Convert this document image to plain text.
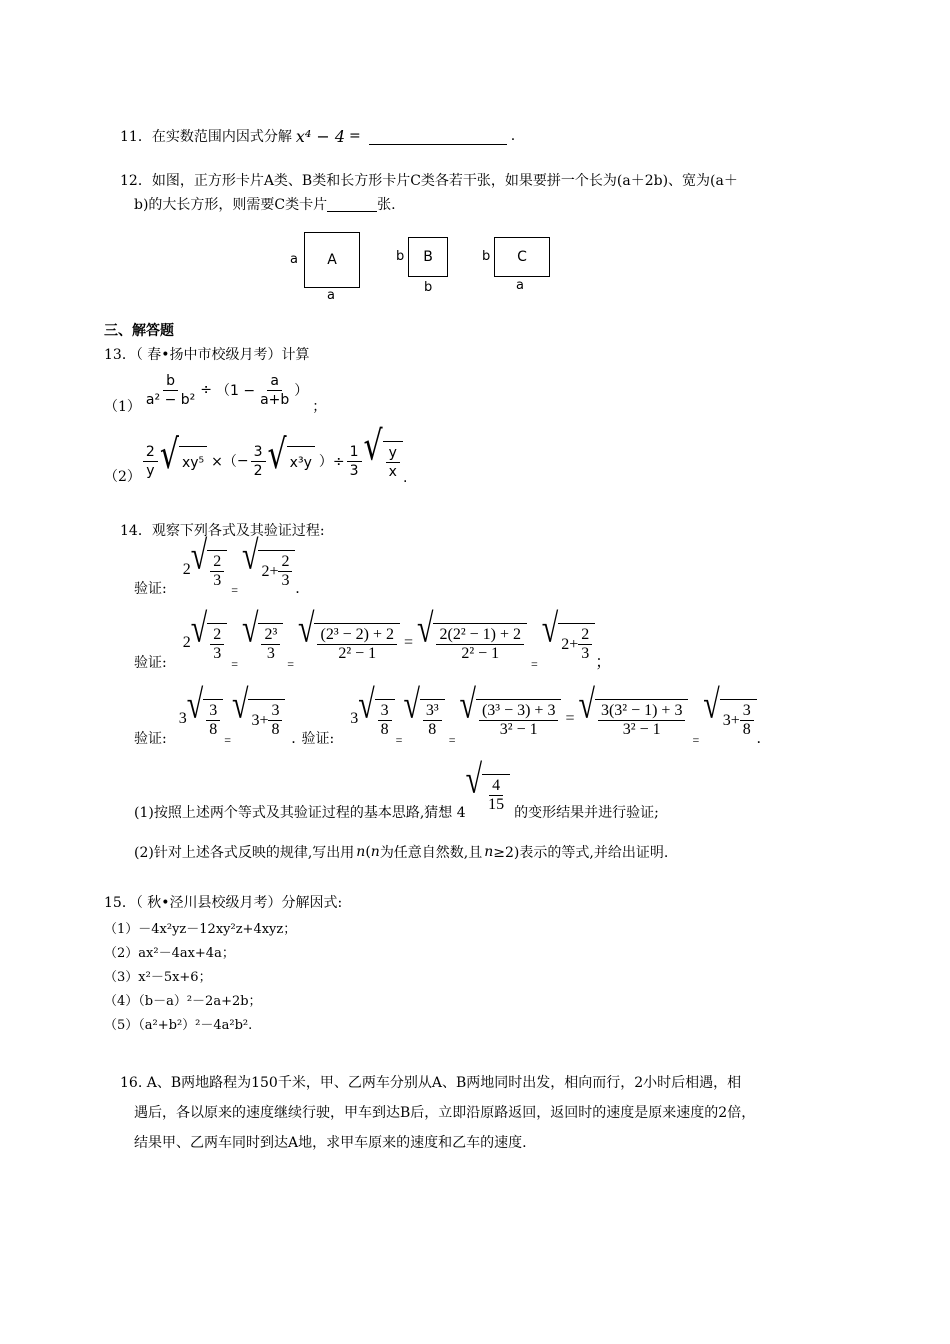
11．在实数范围内因式分解 x⁴ − 4 =	.
12．如图，正方形卡片A类、B类和长方形卡片C类各若干张，如果要拼一个长为(a＋2b)、宽为(a＋
b)的大长方形，则需要C类卡片	张.
A
a
a
B
b
b
C
b
a
三、解答题
13．（ 春•扬中市校级月考）计算
$(1) \frac{b}{\text{a² − b²}} \div (1 - \frac{a}{a+b}$ ）
；
$(2) \frac{2}{y}$ √ xy⁵ ×（ − $\frac{3}{2}$ √ x³y ）÷ $\frac{1}{3}$ √ $\frac{y}{x}$ .
14．观察下列各式及其验证过程:
验证:
2 √ $\frac{2}{3}$ =
√ $2+ \frac{2}{3}$ .
验证:
2 √ $\frac{2}{3}$
=
√ $\frac{\text{2³}}{3}$
=
√ $\frac{\text{(2³ − 2) + 2}}{\text{2² − 1}}$ = √ $\frac{\text{2(2² − 1) + 2}}{\text{2² − 1}}$
=
√ $2+ \frac{2}{3}$ ；
验证:
3 √ $\frac{3}{8}$
=
√ $3+ \frac{3}{8}$ . 验证:
3 √ $\frac{3}{8}$
=
√ $\frac{\text{3³}}{8}$
=
√ $\frac{\text{(3³ − 3) + 3}}{\text{3² − 1}}$ = √ $\frac{\text{3(3² − 1) + 3}}{\text{3² − 1}}$
=
√ $3+ \frac{3}{8}$ .
(1)按照上述两个等式及其验证过程的基本思路,猜想 4
√ $\frac{4}{15}$ 的变形结果并进行验证;
(2)针对上述各式反映的规律,写出用 n ( n 为任意自然数,且 n ≥2)表示的等式,并给出证明.
15．（ 秋•泾川县校级月考）分解因式:
（1）－4x²yz－12xy²z+4xyz；
（2）ax²－4ax+4a；
（3）x²－5x+6；
（4）（b－a）²－2a+2b；
（5）（a²+b²）²－4a²b².
16. A、B两地路程为150千米，甲、乙两车分别从A、B两地同时出发，相向而行，2小时后相遇，相
遇后，各以原来的速度继续行驶，甲车到达B后，立即沿原路返回，返回时的速度是原来速度的2倍，
结果甲、乙两车同时到达A地，求甲车原来的速度和乙车的速度.
